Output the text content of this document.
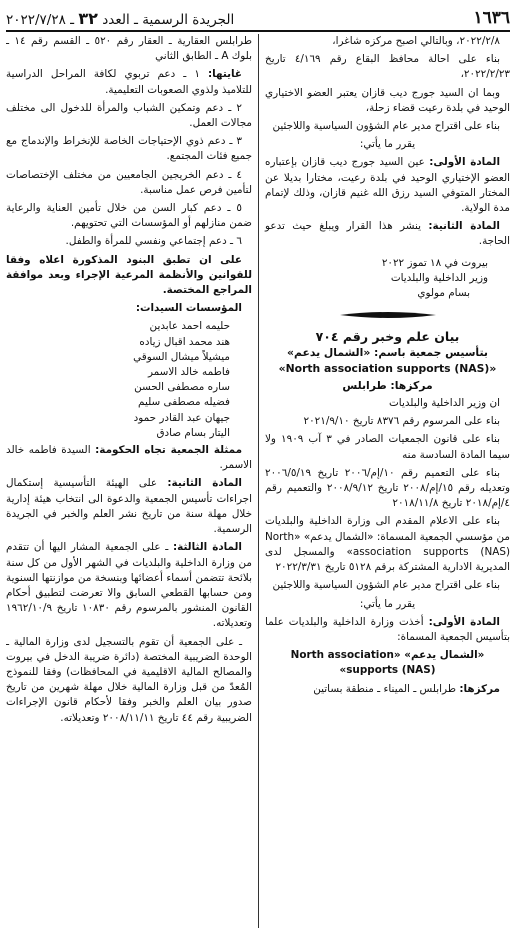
١٦٣٦
الجريدة الرسمية ـ العدد ٣٢ ـ ٢٠٢٢/٧/٢٨

٢٠٢٢/٢/٨، وبالتالي اصبح مركزه شاغرا،

بناء على احالة محافظ البقاع رقم ٤/١٦٩ تاريخ ٢٠٢٢/٢/٢٣،

وبما ان السيد جورج ديب قازان يعتبر العضو الاختياري الوحيد في بلدة رعيت قضاء زحلة،

بناء على اقتراح مدير عام الشؤون السياسية واللاجئين

يقرر ما يأتي:

المادة الأولى: عين السيد جورج ديب قازان بإعتباره العضو الإختياري الوحيد في بلدة رعيت، مختارا بديلا عن المختار المتوفي السيد رزق الله غنيم قازان، وذلك لإتمام مدة الولاية.

المادة الثانية: ينشر هذا القرار ويبلغ حيث تدعو الحاجة.

بيروت في ١٨ تموز ٢٠٢٢

وزير الداخلية والبلديات

بسام مولوي

بيان علم وخبر رقم ٧٠٤

بتأسيس جمعية باسم: «الشمال يدعم»

«North association supports (NAS)»

مركزها: طرابلس

ان وزير الداخلية والبلديات

بناء على المرسوم رقم ٨٣٧٦ تاريخ ٢٠٢١/٩/١٠

بناء على قانون الجمعيات الصادر في ٣ آب ١٩٠٩ ولا سيما المادة السادسة منه

بناء على التعميم رقم ١٠/إم/٢٠٠٦ تاريخ ٢٠٠٦/٥/١٩ وتعديله رقم ١٥/إم/٢٠٠٨ تاريخ ٢٠٠٨/٩/١٢ والتعميم رقم ٤/إم/٢٠١٨ تاريخ ٢٠١٨/١١/٨

بناء على الاعلام المقدم الى وزارة الداخلية والبلديات من مؤسسي الجمعية المسماة: «الشمال يدعم» «North association supports (NAS)» والمسجل لدى المديرية الادارية المشتركة برقم ٥١٢٨ تاريخ ٢٠٢٢/٣/٣١

بناء على اقتراح مدير عام الشؤون السياسية واللاجئين

يقرر ما يأتي:

المادة الأولى: أخذت وزارة الداخلية والبلديات علما بتأسيس الجمعية المسماة:

«الشمال يدعم» «North association supports (NAS)»

مركزها: طرابلس ـ الميناء ـ منطقة بساتين

طرابلس العقارية ـ العقار رقم ٥٢٠ ـ القسم رقم ١٤ ـ بلوك A ـ الطابق الثاني

غايتها: ١ ـ دعم تربوي لكافة المراحل الدراسية للتلاميذ ولذوي الصعوبات التعليمية.

٢ ـ دعم وتمكين الشباب والمرأة للدخول الى مختلف مجالات العمل.

٣ ـ دعم ذوي الإحتياجات الخاصة للإنخراط والإندماج مع جميع فئات المجتمع.

٤ ـ دعم الخريجين الجامعيين من مختلف الإختصاصات لتأمين فرص عمل مناسبة.

٥ ـ دعم كبار السن من خلال تأمين العناية والرعاية ضمن منازلهم أو المؤسسات التي تحتويهم.

٦ ـ دعم إجتماعي ونفسي للمرأة والطفل.

على ان تطبق البنود المذكورة اعلاه وفقا للقوانين والأنظمة المرعية الإجراء وبعد موافقة المراجع المختصة.

المؤسسات السيدات:

حليمه احمد عابدين

هند محمد اقبال زياده

ميشيلاً ميشال السوقي

فاطمه خالد الاسمر

ساره مصطفى الحسن

فضيله مصطفى سليم

جيهان عبد القادر حمود

اليتار بسام صادق

ممثلة الجمعية تجاه الحكومة: السيدة فاطمه خالد الاسمر.

المادة الثانية: على الهيئة التأسيسية إستكمال اجراءات تأسيس الجمعية والدعوة الى انتخاب هيئة إدارية خلال مهلة سنة من تاريخ نشر العلم والخبر في الجريدة الرسمية.

المادة الثالثة: ـ على الجمعية المشار اليها أن تتقدم من وزارة الداخلية والبلديات في الشهر الأول من كل سنة بلائحة تتضمن أسماء أعضائها وبنسخة من موازنتها السنوية ومن حسابها القطعي السابق والا تعرضت لتطبيق أحكام القانون المنشور بالمرسوم رقم ١٠٨٣٠ تاريخ ١٩٦٢/١٠/٩ وتعديلاته.

ـ على الجمعية أن تقوم بالتسجيل لدى وزارة المالية ـ الوحدة الضريبية المختصة (دائرة ضريبة الدخل في بيروت والمصالح المالية الاقليمية في المحافظات) وفقا للنموذج المُعدّ من قبل وزارة المالية خلال مهلة شهرين من تاريخ صدور بيان العلم والخبر وفقا لأحكام قانون الإجراءات الضريبية رقم ٤٤ تاريخ ٢٠٠٨/١١/١١ وتعديلاته.
